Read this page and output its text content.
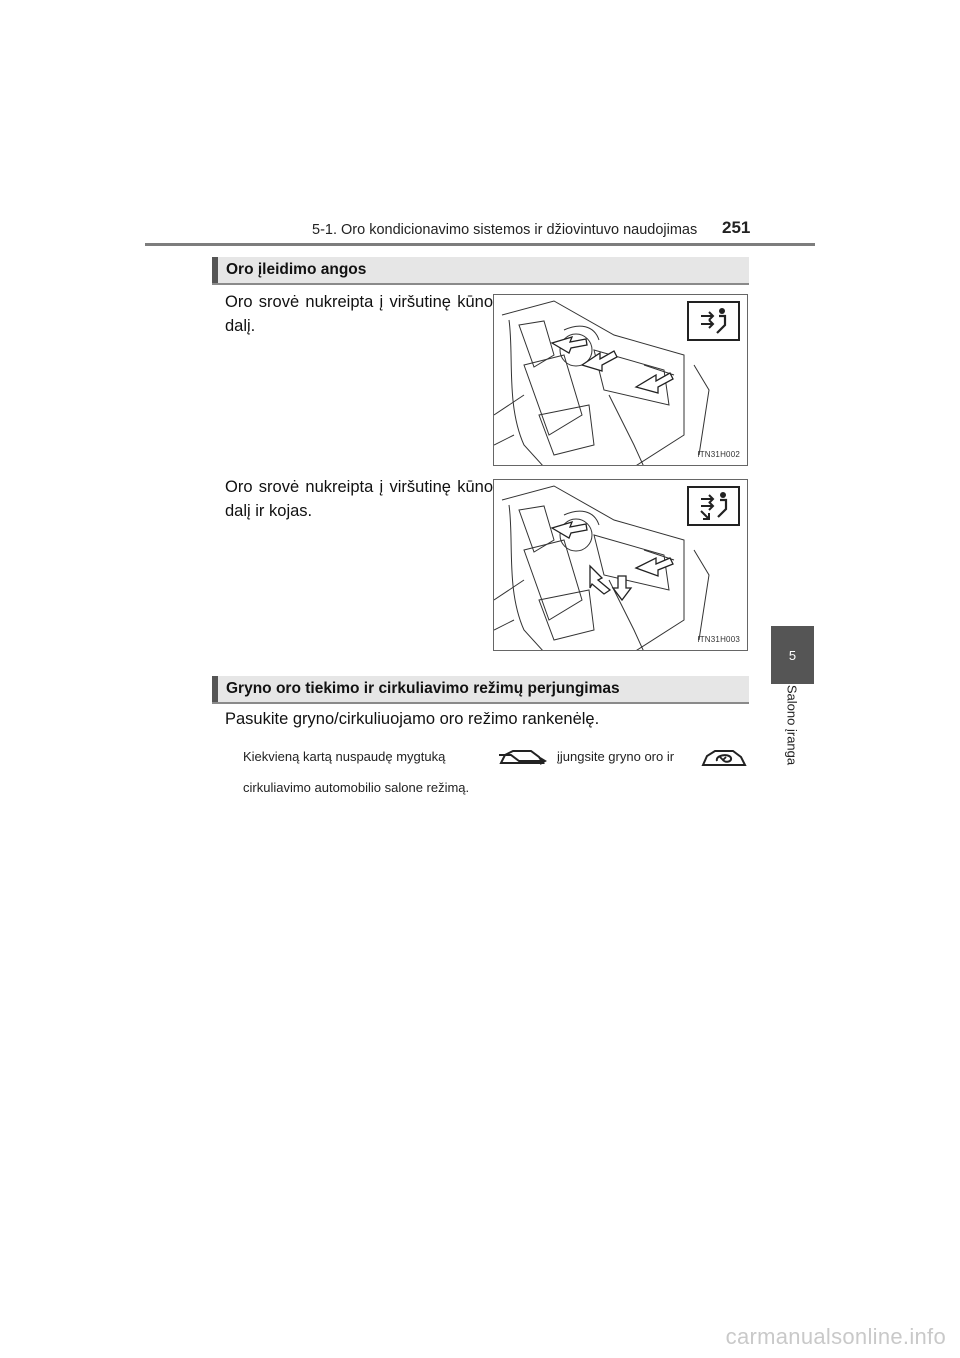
5-1. Oro kondicionavimo sistemos ir džiovintuvo naudojimas 251
5
Salono įranga
Oro įleidimo angos
Oro srovė nukreipta į viršutinę kūno dalį.
ITN31H002
Oro srovė nukreipta į viršutinę kūno dalį ir kojas.
ITN31H003
Gryno oro tiekimo ir cirkuliavimo režimų perjungimas
Pasukite gryno/cirkuliuojamo oro režimo rankenėlę.
Kiekvieną kartą nuspaudę mygtuką	įjungsite gryno oro ir
cirkuliavimo automobilio salone režimą.
carmanualsonline.info
